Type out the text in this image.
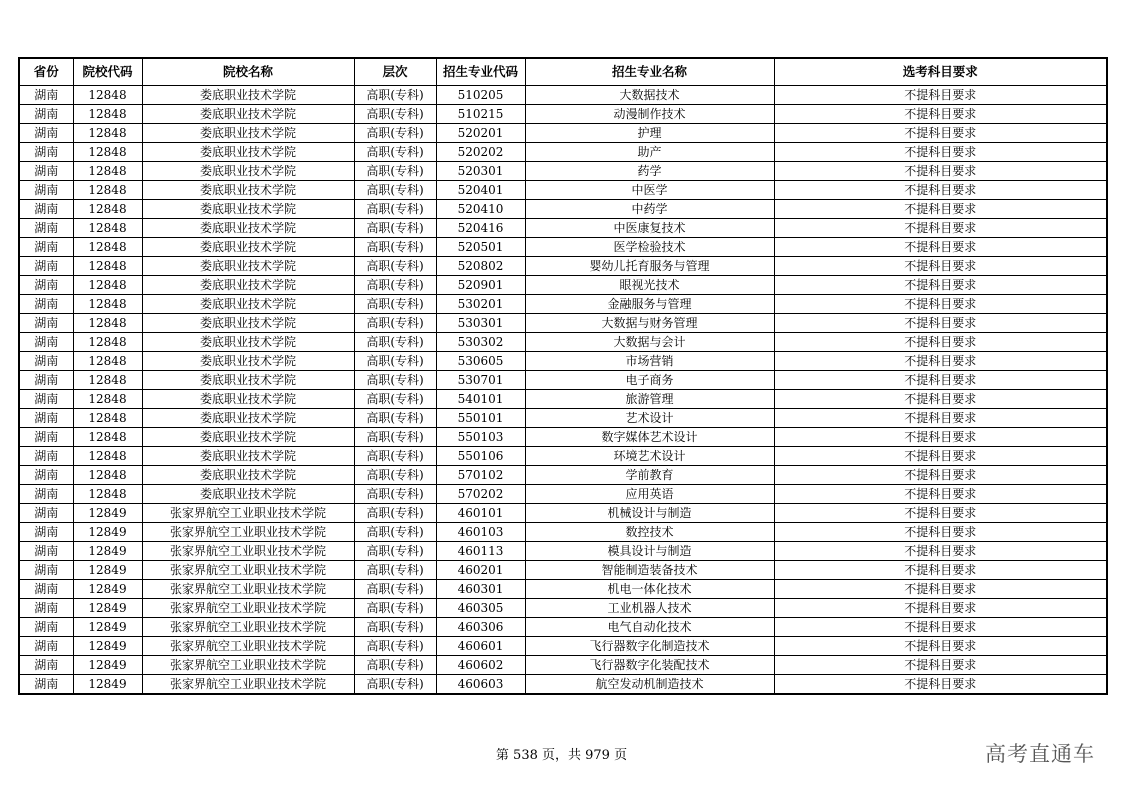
省份	院校代码	院校名称	层次	招生专业代码	招生专业名称	选考科目要求
湖南	12848	娄底职业技术学院	高职(专科)	510205	大数据技术	不提科目要求
湖南	12848	娄底职业技术学院	高职(专科)	510215	动漫制作技术	不提科目要求
湖南	12848	娄底职业技术学院	高职(专科)	520201	护理	不提科目要求
湖南	12848	娄底职业技术学院	高职(专科)	520202	助产	不提科目要求
湖南	12848	娄底职业技术学院	高职(专科)	520301	药学	不提科目要求
湖南	12848	娄底职业技术学院	高职(专科)	520401	中医学	不提科目要求
湖南	12848	娄底职业技术学院	高职(专科)	520410	中药学	不提科目要求
湖南	12848	娄底职业技术学院	高职(专科)	520416	中医康复技术	不提科目要求
湖南	12848	娄底职业技术学院	高职(专科)	520501	医学检验技术	不提科目要求
湖南	12848	娄底职业技术学院	高职(专科)	520802	婴幼儿托育服务与管理	不提科目要求
湖南	12848	娄底职业技术学院	高职(专科)	520901	眼视光技术	不提科目要求
湖南	12848	娄底职业技术学院	高职(专科)	530201	金融服务与管理	不提科目要求
湖南	12848	娄底职业技术学院	高职(专科)	530301	大数据与财务管理	不提科目要求
湖南	12848	娄底职业技术学院	高职(专科)	530302	大数据与会计	不提科目要求
湖南	12848	娄底职业技术学院	高职(专科)	530605	市场营销	不提科目要求
湖南	12848	娄底职业技术学院	高职(专科)	530701	电子商务	不提科目要求
湖南	12848	娄底职业技术学院	高职(专科)	540101	旅游管理	不提科目要求
湖南	12848	娄底职业技术学院	高职(专科)	550101	艺术设计	不提科目要求
湖南	12848	娄底职业技术学院	高职(专科)	550103	数字媒体艺术设计	不提科目要求
湖南	12848	娄底职业技术学院	高职(专科)	550106	环境艺术设计	不提科目要求
湖南	12848	娄底职业技术学院	高职(专科)	570102	学前教育	不提科目要求
湖南	12848	娄底职业技术学院	高职(专科)	570202	应用英语	不提科目要求
湖南	12849	张家界航空工业职业技术学院	高职(专科)	460101	机械设计与制造	不提科目要求
湖南	12849	张家界航空工业职业技术学院	高职(专科)	460103	数控技术	不提科目要求
湖南	12849	张家界航空工业职业技术学院	高职(专科)	460113	模具设计与制造	不提科目要求
湖南	12849	张家界航空工业职业技术学院	高职(专科)	460201	智能制造装备技术	不提科目要求
湖南	12849	张家界航空工业职业技术学院	高职(专科)	460301	机电一体化技术	不提科目要求
湖南	12849	张家界航空工业职业技术学院	高职(专科)	460305	工业机器人技术	不提科目要求
湖南	12849	张家界航空工业职业技术学院	高职(专科)	460306	电气自动化技术	不提科目要求
湖南	12849	张家界航空工业职业技术学院	高职(专科)	460601	飞行器数字化制造技术	不提科目要求
湖南	12849	张家界航空工业职业技术学院	高职(专科)	460602	飞行器数字化装配技术	不提科目要求
湖南	12849	张家界航空工业职业技术学院	高职(专科)	460603	航空发动机制造技术	不提科目要求
第 538 页，共 979 页	高考直通车
